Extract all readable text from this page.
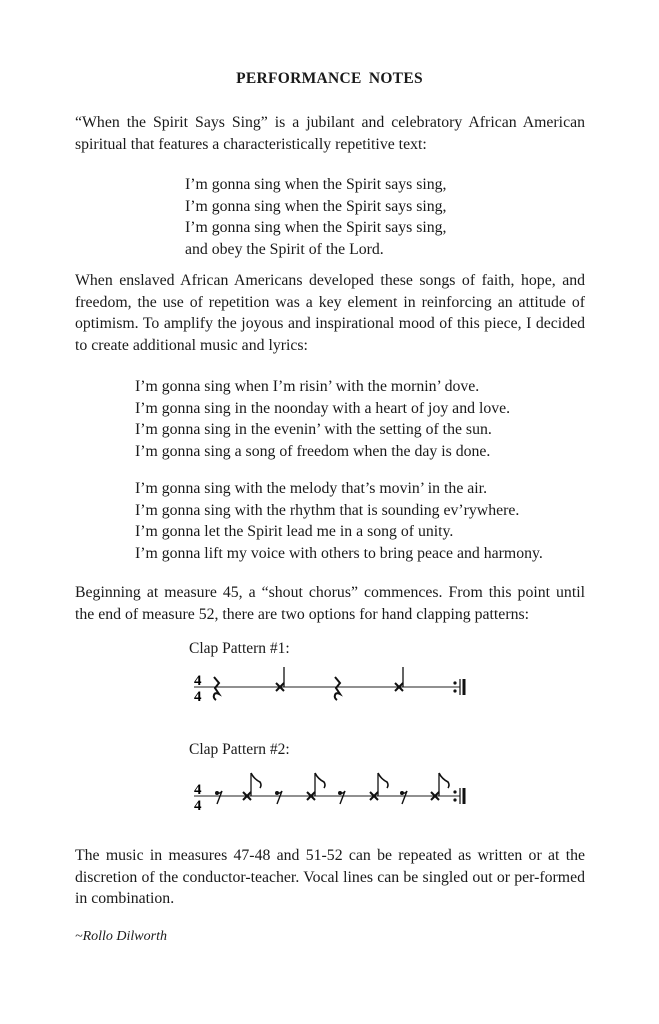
PERFORMANCE NOTES

“When the Spirit Says Sing” is a jubilant and celebratory African American spiritual that features a characteristically repetitive text:

I’m gonna sing when the Spirit says sing,
I’m gonna sing when the Spirit says sing,
I’m gonna sing when the Spirit says sing,
and obey the Spirit of the Lord.

When enslaved African Americans developed these songs of faith, hope, and freedom, the use of repetition was a key element in reinforcing an attitude of optimism. To amplify the joyous and inspirational mood of this piece, I decided to create additional music and lyrics:

I’m gonna sing when I’m risin’ with the mornin’ dove.
I’m gonna sing in the noonday with a heart of joy and love.
I’m gonna sing in the evenin’ with the setting of the sun.
I’m gonna sing a song of freedom when the day is done.
I’m gonna sing with the melody that’s movin’ in the air.
I’m gonna sing with the rhythm that is sounding ev’rywhere.
I’m gonna let the Spirit lead me in a song of unity.
I’m gonna lift my voice with others to bring peace and harmony.

Beginning at measure 45, a “shout chorus” commences. From this point until the end of measure 52, there are two options for hand clapping patterns:

Clap Pattern #1:
4
4
Clap Pattern #2:
4
4

The music in measures 47-48 and 51-52 can be repeated as written or at the discretion of the conductor-teacher. Vocal lines can be singled out or per-formed in combination.

~Rollo Dilworth
